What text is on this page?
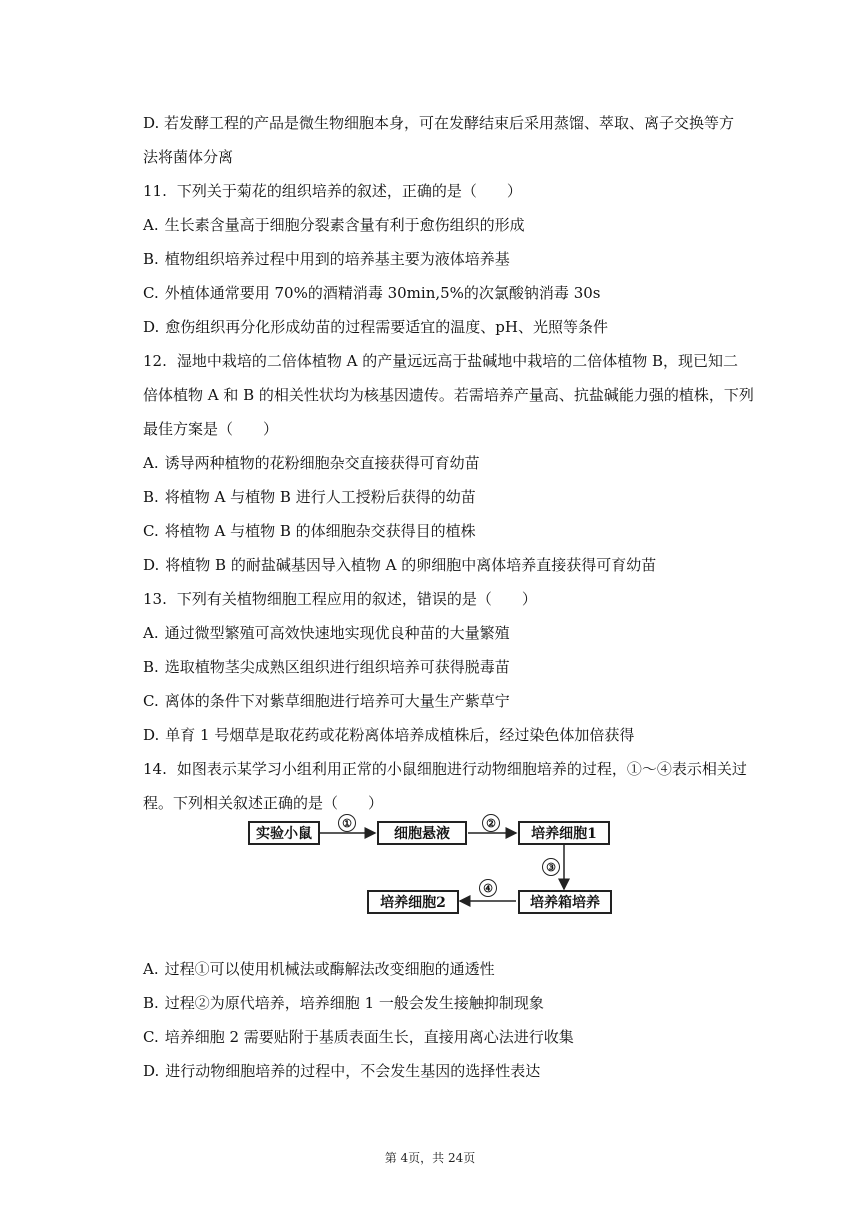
D. 若发酵工程的产品是微生物细胞本身，可在发酵结束后采用蒸馏、萃取、离子交换等方

法将菌体分离

11. 下列关于菊花的组织培养的叙述，正确的是（　　）

A. 生长素含量高于细胞分裂素含量有利于愈伤组织的形成

B. 植物组织培养过程中用到的培养基主要为液体培养基

C. 外植体通常要用 70%的酒精消毒 30min,5%的次氯酸钠消毒 30s

D. 愈伤组织再分化形成幼苗的过程需要适宜的温度、pH、光照等条件

12. 湿地中栽培的二倍体植物 A 的产量远远高于盐碱地中栽培的二倍体植物 B，现已知二

倍体植物 A 和 B 的相关性状均为核基因遗传。若需培养产量高、抗盐碱能力强的植株，下列

最佳方案是（　　）

A. 诱导两种植物的花粉细胞杂交直接获得可育幼苗

B. 将植物 A 与植物 B 进行人工授粉后获得的幼苗

C. 将植物 A 与植物 B 的体细胞杂交获得目的植株

D. 将植物 B 的耐盐碱基因导入植物 A 的卵细胞中离体培养直接获得可育幼苗

13. 下列有关植物细胞工程应用的叙述，错误的是（　　）

A. 通过微型繁殖可高效快速地实现优良种苗的大量繁殖

B. 选取植物茎尖成熟区组织进行组织培养可获得脱毒苗

C. 离体的条件下对紫草细胞进行培养可大量生产紫草宁

D. 单育 1 号烟草是取花药或花粉离体培养成植株后，经过染色体加倍获得

14. 如图表示某学习小组利用正常的小鼠细胞进行动物细胞培养的过程，①～④表示相关过

程。下列相关叙述正确的是（　　）

实验小鼠	细胞悬液	培养细胞1
培养箱培养
培养细胞2
①	②
③
④

A. 过程①可以使用机械法或酶解法改变细胞的通透性

B. 过程②为原代培养，培养细胞 1 一般会发生接触抑制现象

C. 培养细胞 2 需要贴附于基质表面生长，直接用离心法进行收集

D. 进行动物细胞培养的过程中，不会发生基因的选择性表达

第 4页，共 24页
